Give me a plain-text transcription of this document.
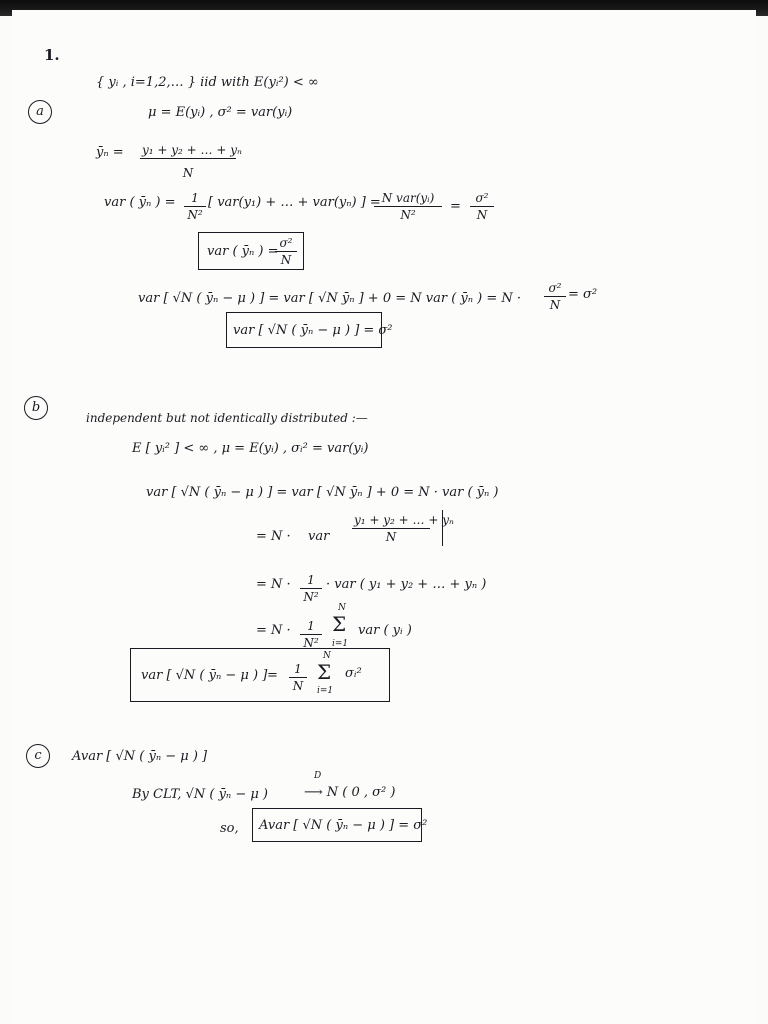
1.
a
{ yᵢ , i=1,2,… } iid with E(yᵢ²) < ∞
μ = E(yᵢ) , σ² = var(yᵢ)
ȳₙ = $\frac{\text{y₁ + y₂ + … + yₙ}}{N}$
var ( ȳₙ ) = $\frac{1}{\text{N²}}$ [ var(y₁) + … + var(yₙ) ] = N var(yᵢ)
N²
= $\frac{\text{σ²}}{N}$
var ( ȳₙ ) =
$\frac{\text{σ²}}{N}$
var [ √N ( ȳₙ − μ ) ] = var [ √N ȳₙ ] + 0 = N var ( ȳₙ ) = $N \cdot \frac{\text{σ²}}{N} = \sigma^2$
var [ √N ( ȳₙ − μ ) ] = σ²
b
independent but not identically distributed :—
E [ yᵢ² ] < ∞ , μ = E(yᵢ) , σᵢ² = var(yᵢ)
var [ √N ( ȳₙ − μ ) ] = var [ √N ȳₙ ] + 0 = N · var ( ȳₙ )
= N · var $\frac{\text{y₁ + y₂ + … + yₙ}}{N}$
= $N \cdot \frac{1}{\text{N²}}$ · var ( y₁ + y₂ + … + yₙ )
= $N \cdot \frac{1}{\text{N²}}$
N
Σ
i=1
var ( yᵢ )
var [ √N ( ȳₙ − μ ) ] = $\frac{1}{N}$
N
Σ
i=1
σᵢ²
c	Avar [ √N ( ȳₙ − μ ) ]
By CLT, √N ( ȳₙ − μ )
D
⟶ N ( 0 , σ² )
so, Avar [ √N ( ȳₙ − μ ) ] = σ²
